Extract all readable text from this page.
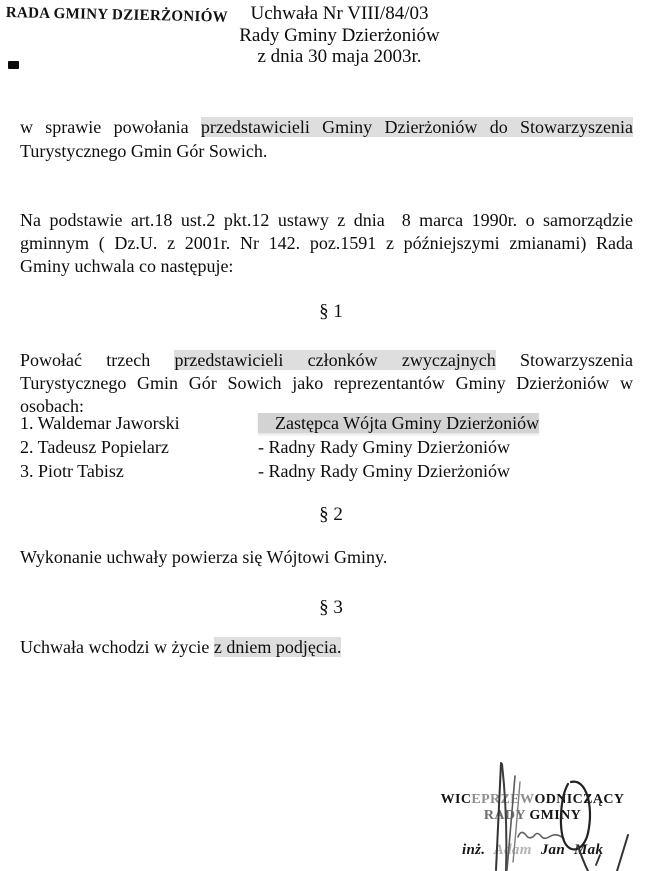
RADA GMINY DZIERŻONIÓW	Uchwała Nr VIII/84/03
Rady Gminy Dzierżoniów
z dnia 30 maja 2003r.
w sprawie powołania przedstawicieli Gminy Dzierżoniów do Stowarzyszenia
Turystycznego Gmin Gór Sowich.
Na podstawie art.18 ust.2 pkt.12 ustawy z dnia  8 marca 1990r. o samorządzie
gminnym ( Dz.U. z 2001r. Nr 142. poz.1591 z późniejszymi zmianami) Rada
Gminy uchwala co następuje:
§ 1
Powołać trzech przedstawicieli członków zwyczajnych Stowarzyszenia
Turystycznego Gmin Gór Sowich jako reprezentantów Gminy Dzierżoniów w
osobach:
1. Waldemar Jaworski	Zastępca Wójta Gminy Dzierżoniów
2. Tadeusz Popielarz	- Radny Rady Gminy Dzierżoniów
3. Piotr Tabisz	- Radny Rady Gminy Dzierżoniów
§ 2
Wykonanie uchwały powierza się Wójtowi Gminy.
§ 3
Uchwała wchodzi w życie z dniem podjęcia.
WICEPRZEWODNICZĄCY
RADY GMINY
inż. Adam Jan Mak
